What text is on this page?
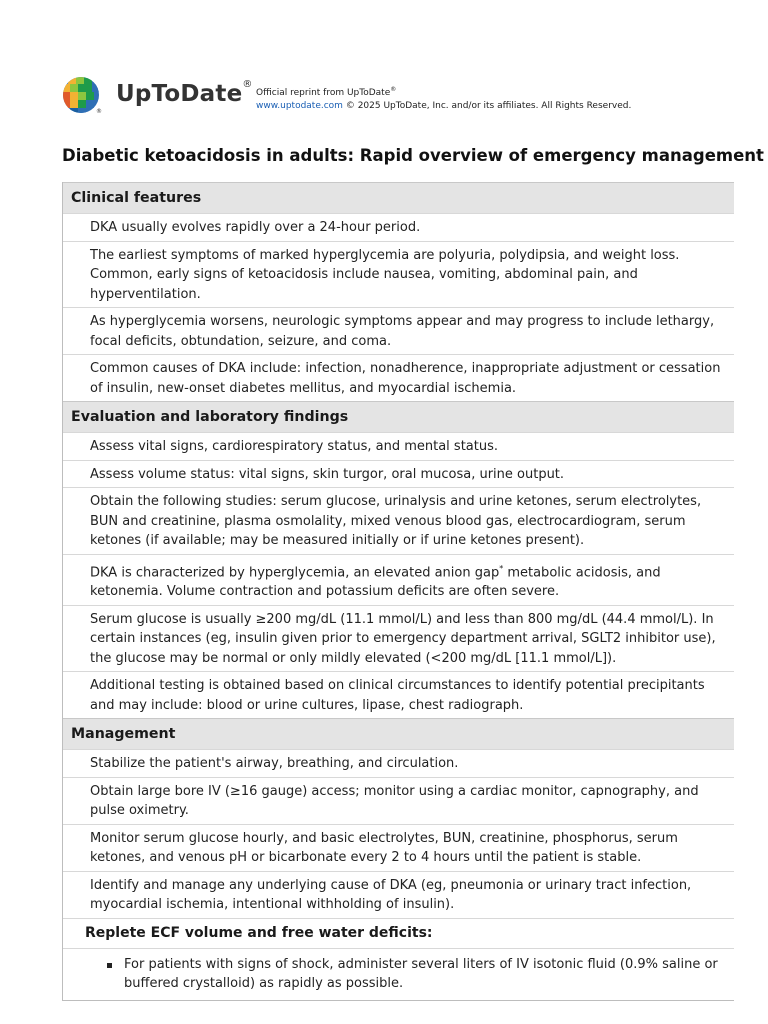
®
UpToDate®
Official reprint from UpToDate®
www.uptodate.com © 2025 UpToDate, Inc. and/or its affiliates. All Rights Reserved.
Diabetic ketoacidosis in adults: Rapid overview of emergency management
Clinical features
DKA usually evolves rapidly over a 24-hour period.
The earliest symptoms of marked hyperglycemia are polyuria, polydipsia, and weight loss. Common, early signs of ketoacidosis include nausea, vomiting, abdominal pain, and hyperventilation.
As hyperglycemia worsens, neurologic symptoms appear and may progress to include lethargy, focal deficits, obtundation, seizure, and coma.
Common causes of DKA include: infection, nonadherence, inappropriate adjustment or cessation of insulin, new-onset diabetes mellitus, and myocardial ischemia.
Evaluation and laboratory findings
Assess vital signs, cardiorespiratory status, and mental status.
Assess volume status: vital signs, skin turgor, oral mucosa, urine output.
Obtain the following studies: serum glucose, urinalysis and urine ketones, serum electrolytes, BUN and creatinine, plasma osmolality, mixed venous blood gas, electrocardiogram, serum ketones (if available; may be measured initially or if urine ketones present).
DKA is characterized by hyperglycemia, an elevated anion gap* metabolic acidosis, and ketonemia. Volume contraction and potassium deficits are often severe.
Serum glucose is usually ≥200 mg/dL (11.1 mmol/L) and less than 800 mg/dL (44.4 mmol/L). In certain instances (eg, insulin given prior to emergency department arrival, SGLT2 inhibitor use), the glucose may be normal or only mildly elevated (<200 mg/dL [11.1 mmol/L]).
Additional testing is obtained based on clinical circumstances to identify potential precipitants and may include: blood or urine cultures, lipase, chest radiograph.
Management
Stabilize the patient's airway, breathing, and circulation.
Obtain large bore IV (≥16 gauge) access; monitor using a cardiac monitor, capnography, and pulse oximetry.
Monitor serum glucose hourly, and basic electrolytes, BUN, creatinine, phosphorus, serum ketones, and venous pH or bicarbonate every 2 to 4 hours until the patient is stable.
Identify and manage any underlying cause of DKA (eg, pneumonia or urinary tract infection, myocardial ischemia, intentional withholding of insulin).
Replete ECF volume and free water deficits:
For patients with signs of shock, administer several liters of IV isotonic fluid (0.9% saline or buffered crystalloid) as rapidly as possible.
